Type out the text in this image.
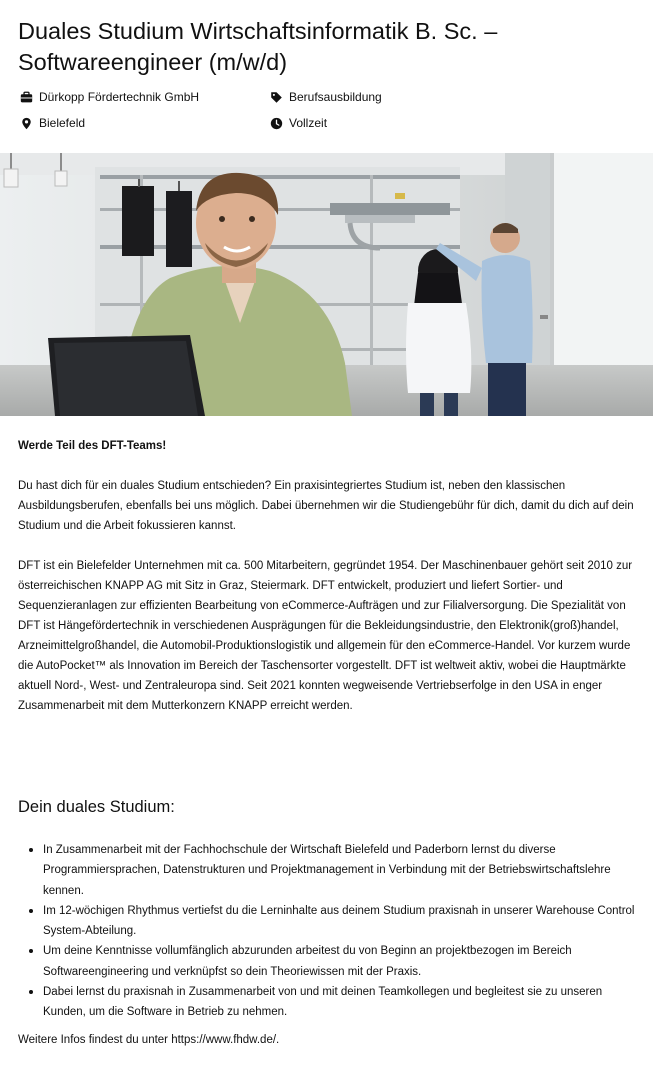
Duales Studium Wirtschaftsinformatik B. Sc. – Softwareengineer (m/w/d)
Dürkopp Fördertechnik GmbH
Bielefeld
Berufsausbildung
Vollzeit

Werde Teil des DFT-Teams!

Du hast dich für ein duales Studium entschieden? Ein praxisintegriertes Studium ist, neben den klassischen Ausbildungsberufen, ebenfalls bei uns möglich. Dabei übernehmen wir die Studiengebühr für dich, damit du dich auf dein Studium und die Arbeit fokussieren kannst.

DFT ist ein Bielefelder Unternehmen mit ca. 500 Mitarbeitern, gegründet 1954. Der Maschinenbauer gehört seit 2010 zur österreichischen KNAPP AG mit Sitz in Graz, Steiermark. DFT entwickelt, produziert und liefert Sortier- und Sequenzieranlagen zur effizienten Bearbeitung von eCommerce-Aufträgen und zur Filialversorgung. Die Spezialität von DFT ist Hängefördertechnik in verschiedenen Ausprägungen für die Bekleidungsindustrie, den Elektronik(groß)handel, Arzneimittelgroßhandel, die Automobil-Produktionslogistik und allgemein für den eCommerce-Handel. Vor kurzem wurde die AutoPocket™ als Innovation im Bereich der Taschensorter vorgestellt. DFT ist weltweit aktiv, wobei die Hauptmärkte aktuell Nord-, West- und Zentraleuropa sind. Seit 2021 konnten wegweisende Vertriebserfolge in den USA in enger Zusammenarbeit mit dem Mutterkonzern KNAPP erreicht werden.

Dein duales Studium:
In Zusammenarbeit mit der Fachhochschule der Wirtschaft Bielefeld und Paderborn lernst du diverse Programmiersprachen, Datenstrukturen und Projektmanagement in Verbindung mit der Betriebswirtschaftslehre kennen.
Im 12-wöchigen Rhythmus vertiefst du die Lerninhalte aus deinem Studium praxisnah in unserer Warehouse Control System-Abteilung.
Um deine Kenntnisse vollumfänglich abzurunden arbeitest du von Beginn an projektbezogen im Bereich Softwareengineering und verknüpfst so dein Theoriewissen mit der Praxis.
Dabei lernst du praxisnah in Zusammenarbeit von und mit deinen Teamkollegen und begleitest sie zu unseren Kunden, um die Software in Betrieb zu nehmen.
Weitere Infos findest du unter https://www.fhdw.de/.
